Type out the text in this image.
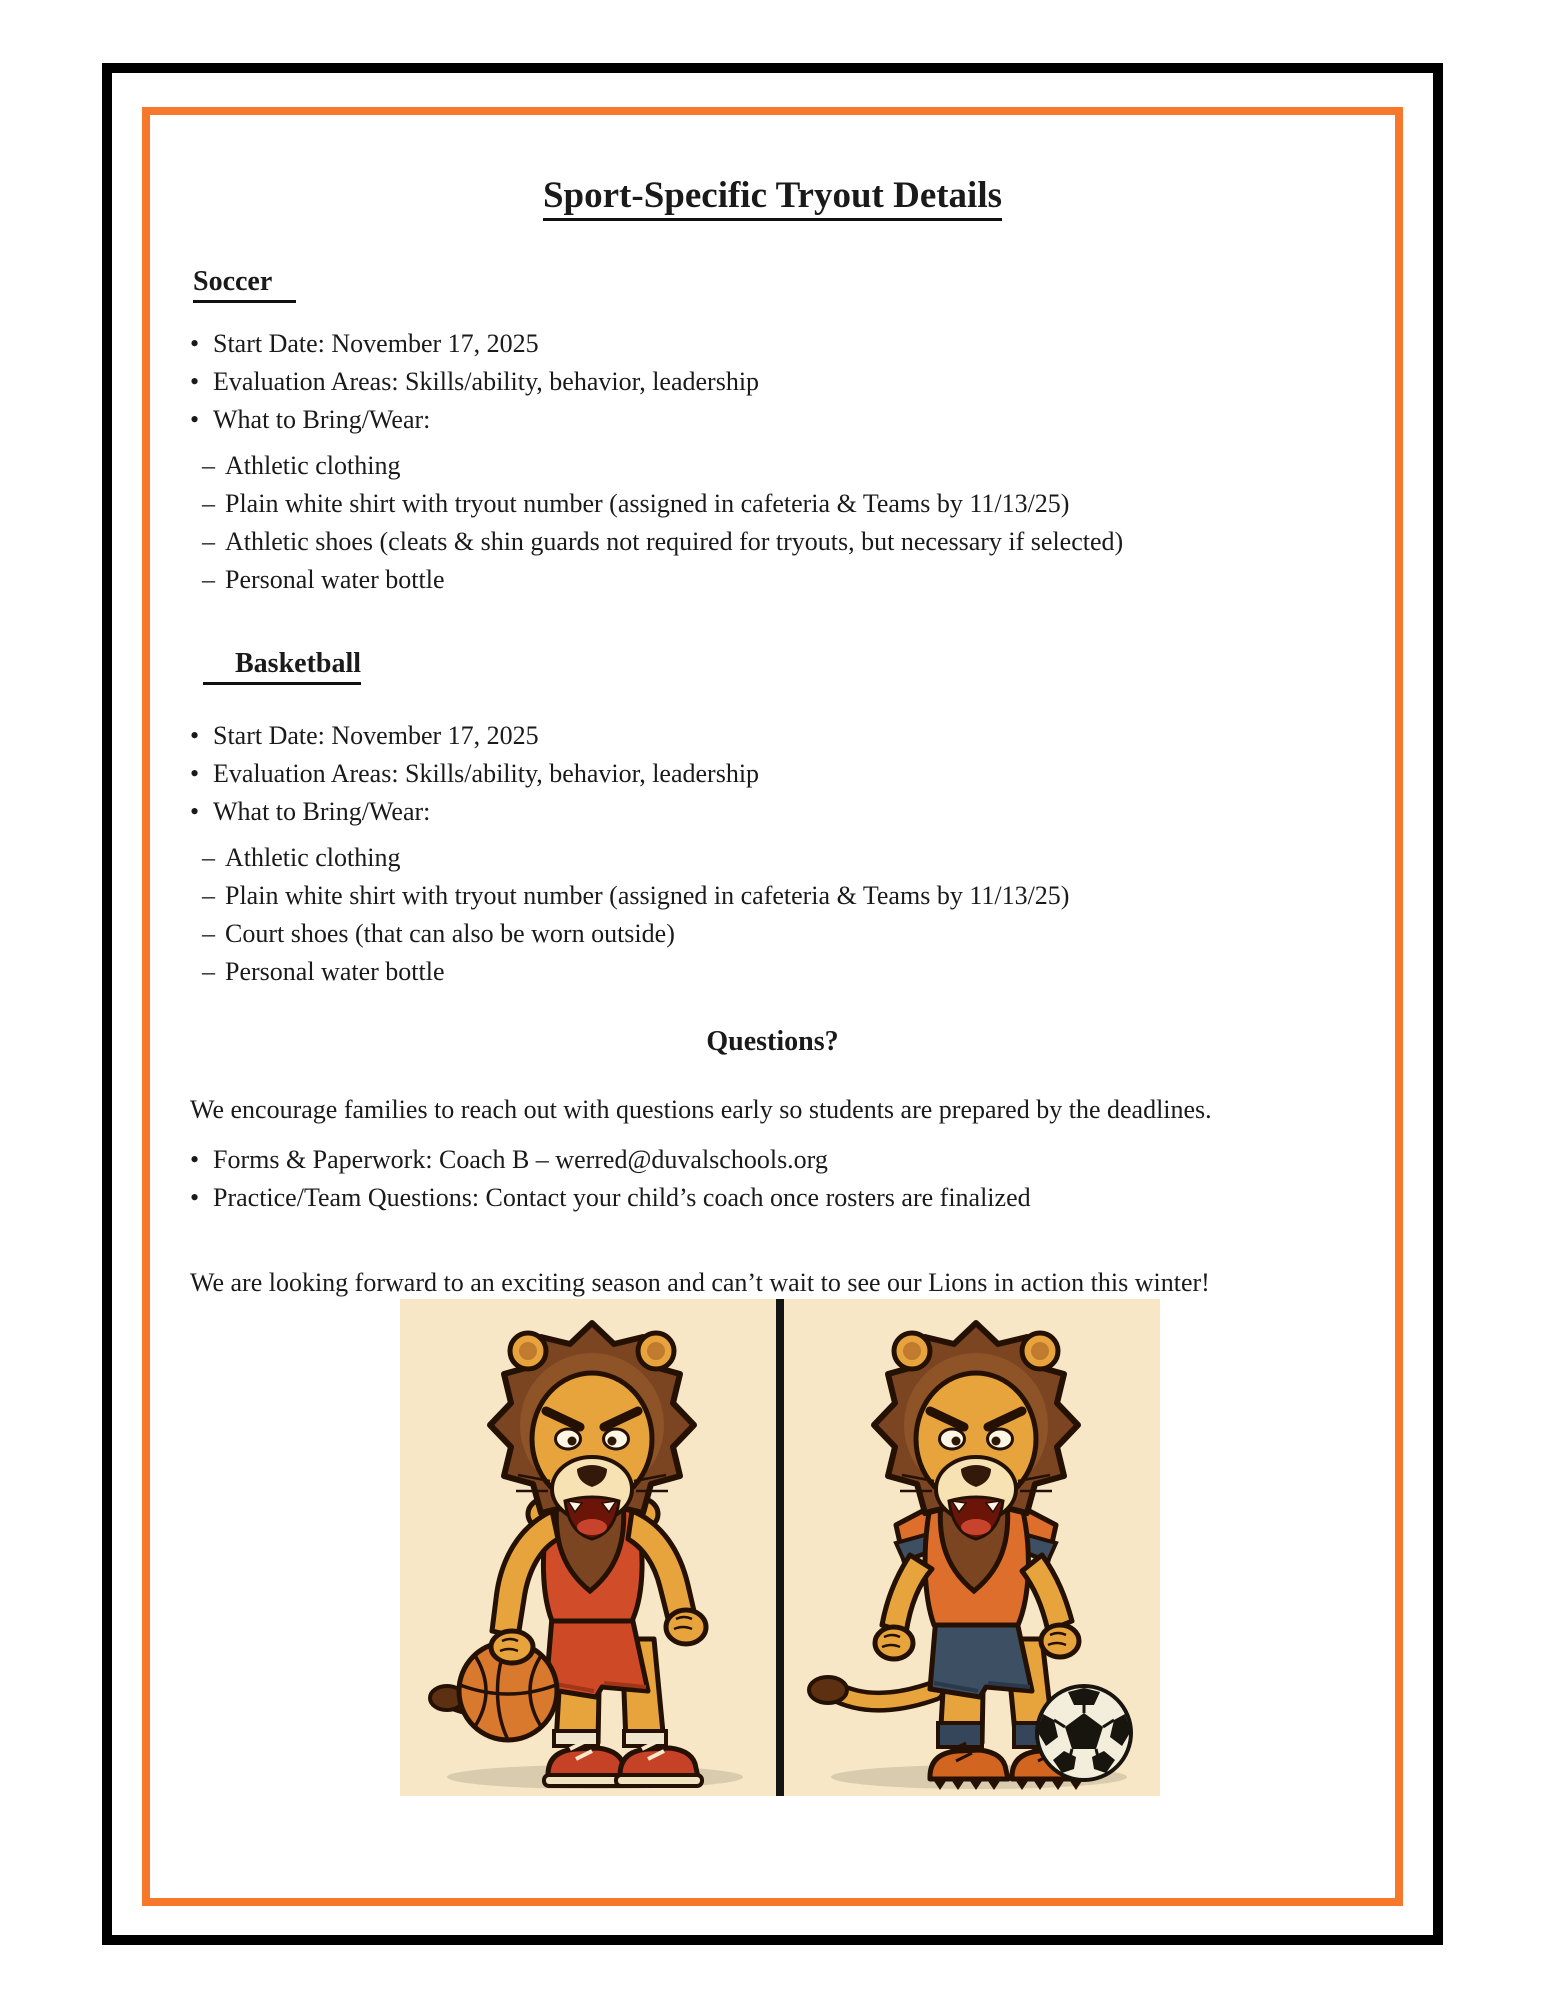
Sport-Specific Tryout Details
Soccer
• Start Date: November 17, 2025
• Evaluation Areas: Skills/ability, behavior, leadership
• What to Bring/Wear:
– Athletic clothing
– Plain white shirt with tryout number (assigned in cafeteria & Teams by 11/13/25)
– Athletic shoes (cleats & shin guards not required for tryouts, but necessary if selected)
– Personal water bottle
Basketball
• Start Date: November 17, 2025
• Evaluation Areas: Skills/ability, behavior, leadership
• What to Bring/Wear:
– Athletic clothing
– Plain white shirt with tryout number (assigned in cafeteria & Teams by 11/13/25)
– Court shoes (that can also be worn outside)
– Personal water bottle
Questions?

We encourage families to reach out with questions early so students are prepared by the deadlines.

• Forms & Paperwork: Coach B – werred@duvalschools.org
• Practice/Team Questions: Contact your child’s coach once rosters are finalized

We are looking forward to an exciting season and can’t wait to see our Lions in action this winter!
